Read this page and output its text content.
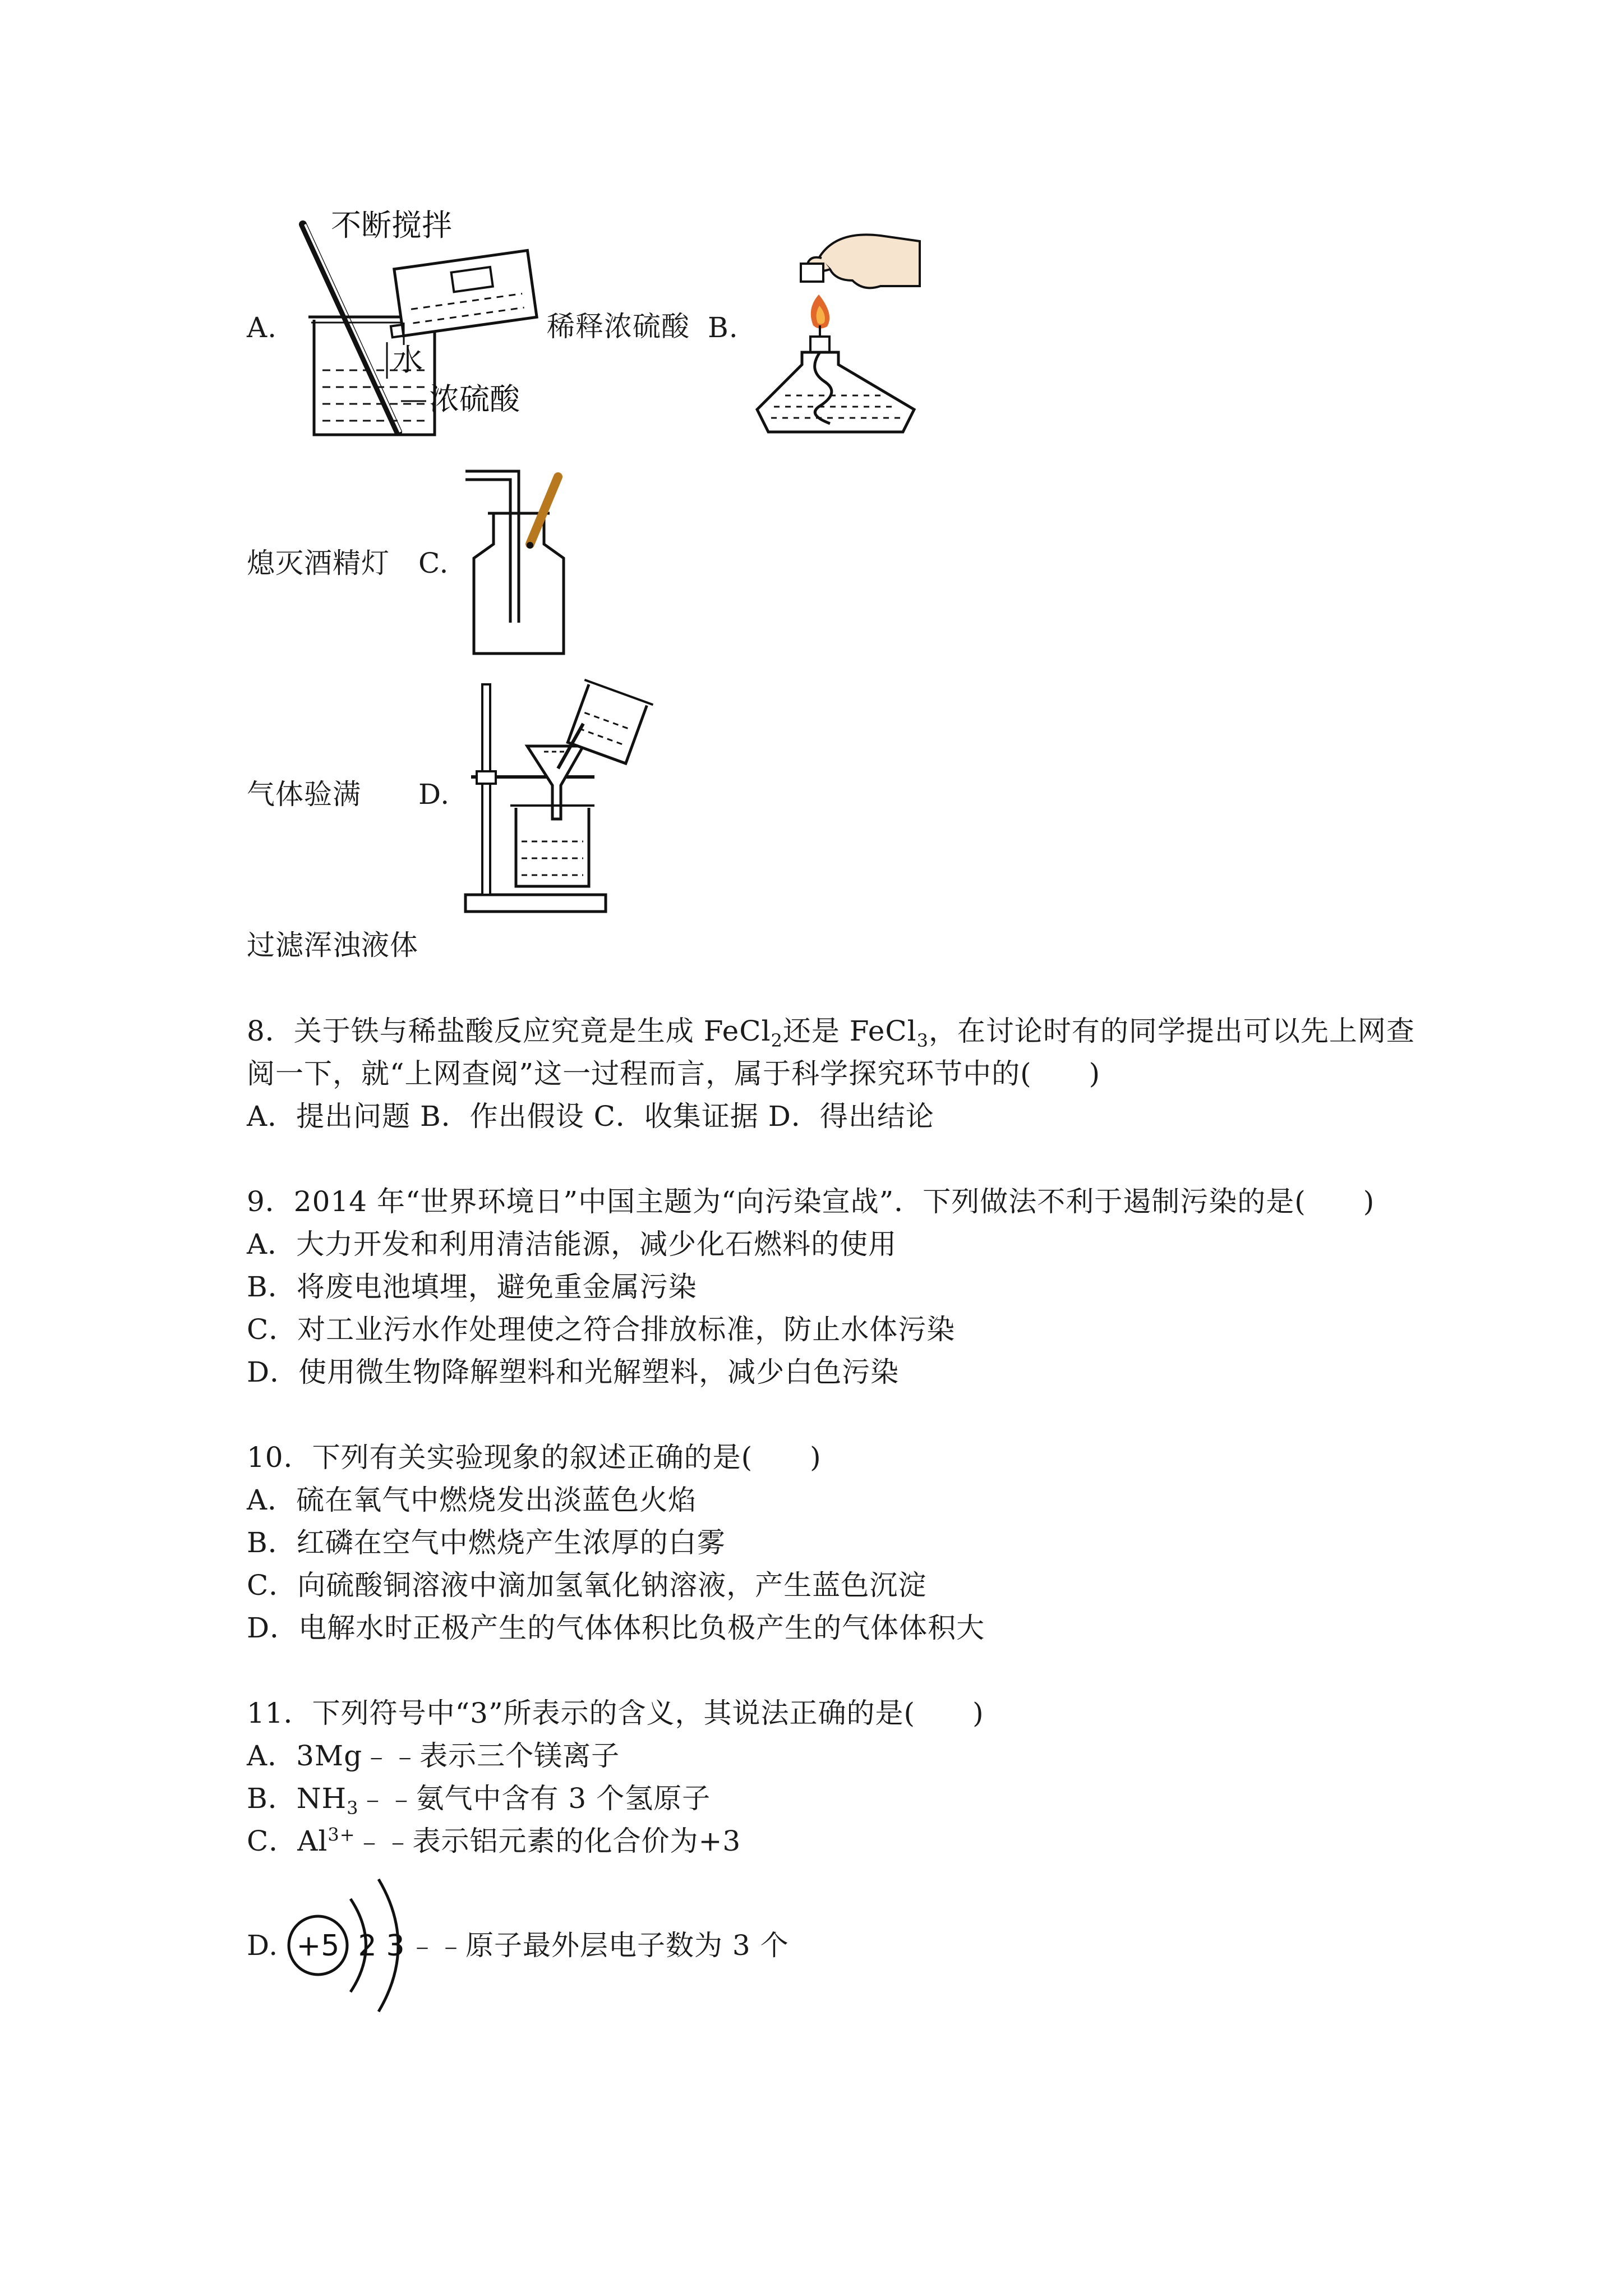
A.
不断搅拌
水
浓硫酸
稀释浓硫酸 B.
熄灭酒精灯 C.
气体验满 D.
过滤浑浊液体
8．关于铁与稀盐酸反应究竟是生成 FeCl$_2$还是 FeCl$_3$，在讨论时有的同学提出可以先上网查
阅一下，就“上网查阅”这一过程而言，属于科学探究环节中的(　　)
A．提出问题 B．作出假设 C．收集证据 D．得出结论
9．2014 年“世界环境日”中国主题为“向污染宣战”．下列做法不利于遏制污染的是(　　)
A．大力开发和利用清洁能源，减少化石燃料的使用
B．将废电池填埋，避免重金属污染
C．对工业污水作处理使之符合排放标准，防止水体污染
D．使用微生物降解塑料和光解塑料，减少白色污染
10．下列有关实验现象的叙述正确的是(　　)
A．硫在氧气中燃烧发出淡蓝色火焰
B．红磷在空气中燃烧产生浓厚的白雾
C．向硫酸铜溶液中滴加氢氧化钠溶液，产生蓝色沉淀
D．电解水时正极产生的气体体积比负极产生的气体体积大
11．下列符号中“3”所表示的含义，其说法正确的是(　　)
A．3Mg﹣﹣表示三个镁离子
B．$NH_3﹣﹣$氨气中含有 3 个氢原子
C．$Al^{3+}﹣﹣$表示铝元素的化合价为+3
D. +5 2 3 ﹣﹣原子最外层电子数为 3 个
